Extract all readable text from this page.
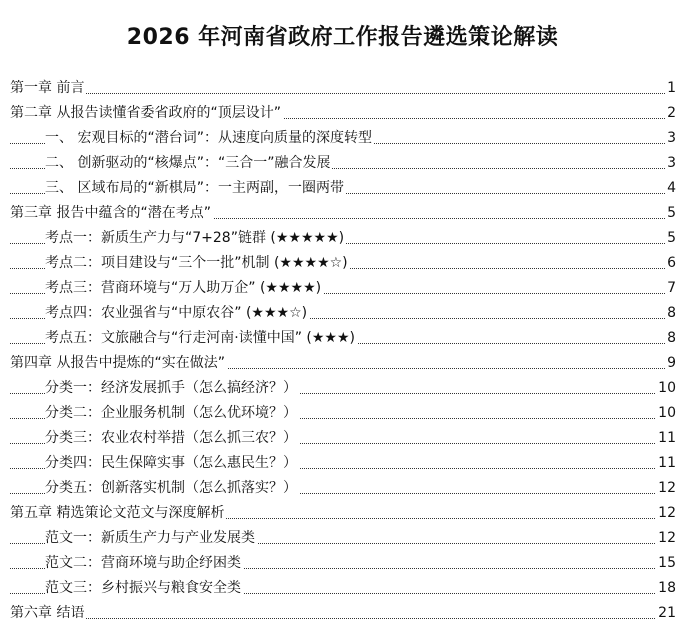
2026 年河南省政府工作报告遴选策论解读
第一章 前言	1
第二章 从报告读懂省委省政府的“顶层设计”	2
一、 宏观目标的“潜台词”：从速度向质量的深度转型	3
二、 创新驱动的“核爆点”：“三合一”融合发展	3
三、 区域布局的“新棋局”：一主两副，一圈两带	4
第三章 报告中蕴含的“潜在考点”	5
考点一：新质生产力与“7+28”链群 (★★★★★)	5
考点二：项目建设与“三个一批”机制 (★★★★☆)	6
考点三：营商环境与“万人助万企” (★★★★)	7
考点四：农业强省与“中原农谷” (★★★☆)	8
考点五：文旅融合与“行走河南·读懂中国” (★★★)	8
第四章 从报告中提炼的“实在做法”	9
分类一：经济发展抓手（怎么搞经济？）	10
分类二：企业服务机制（怎么优环境？）	10
分类三：农业农村举措（怎么抓三农？）	11
分类四：民生保障实事（怎么惠民生？）	11
分类五：创新落实机制（怎么抓落实？）	12
第五章 精选策论文范文与深度解析	12
范文一：新质生产力与产业发展类	12
范文二：营商环境与助企纾困类	15
范文三：乡村振兴与粮食安全类	18
第六章 结语	21
